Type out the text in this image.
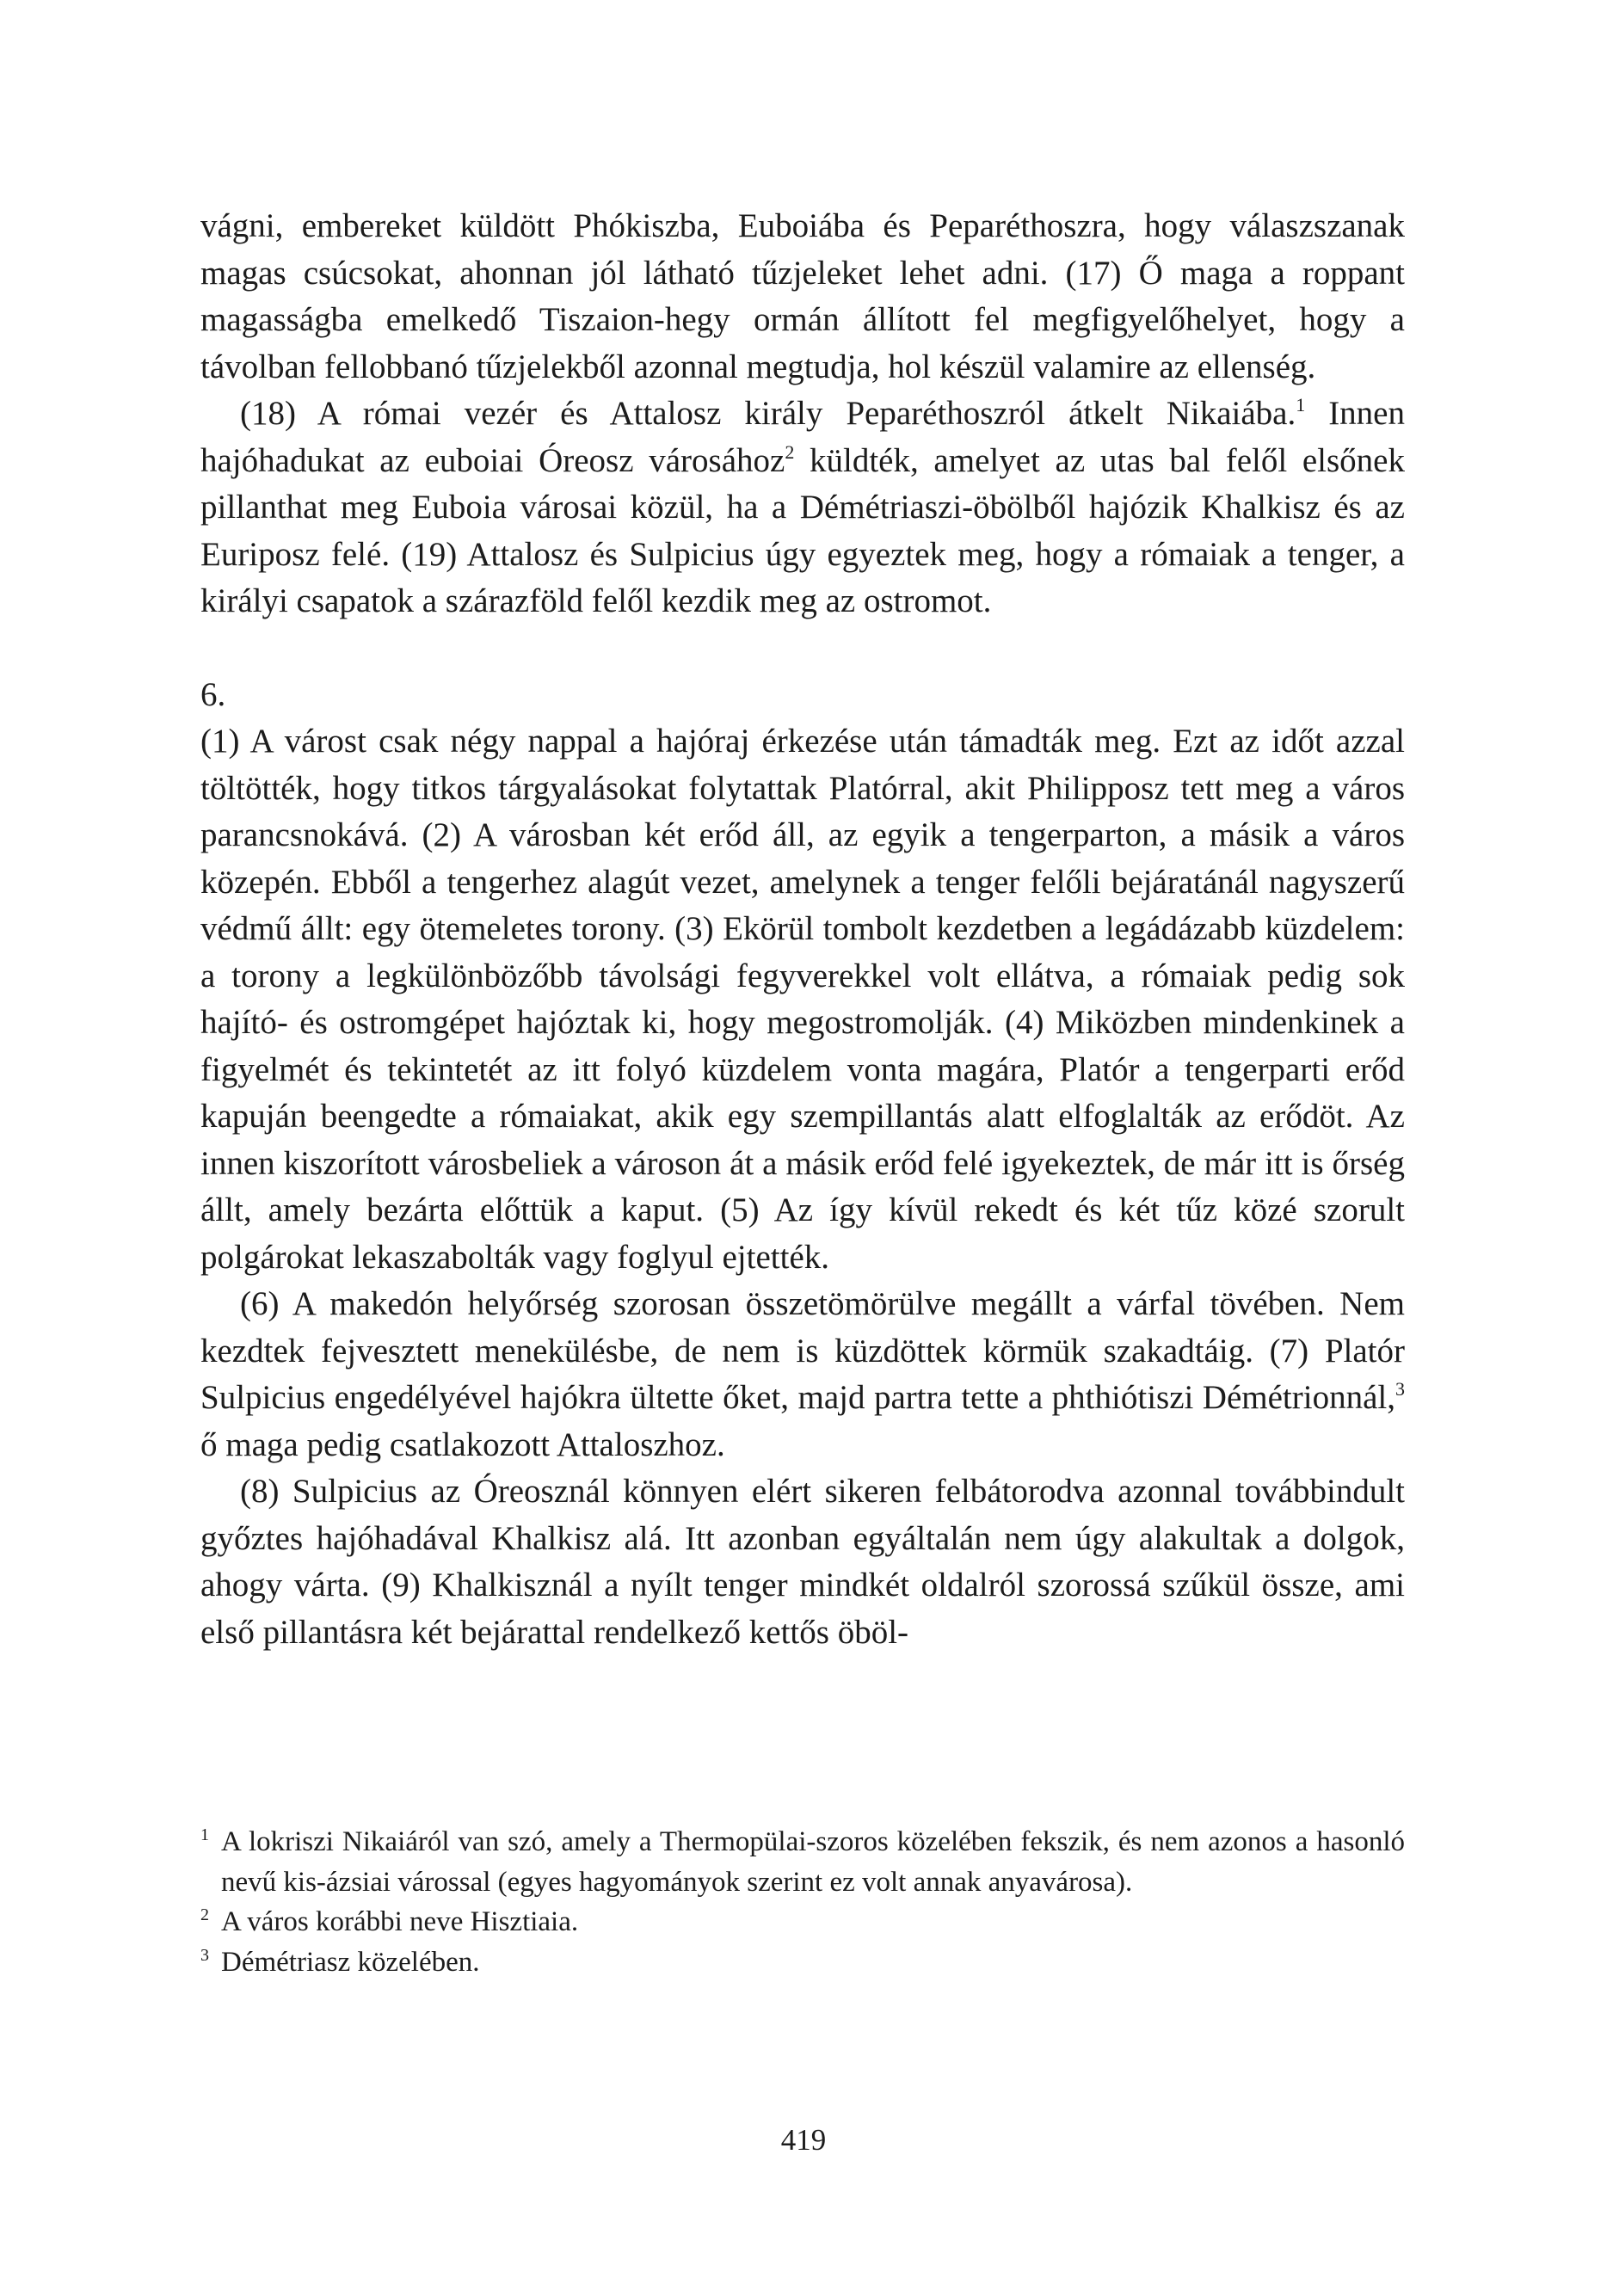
vágni, embereket küldött Phókiszba, Euboiába és Peparéthoszra, hogy válaszszanak magas csúcsokat, ahonnan jól látható tűzjeleket lehet adni. (17) Ő maga a roppant magasságba emelkedő Tiszaion-hegy ormán állított fel megfigyelőhelyet, hogy a távolban fellobbanó tűzjelekből azonnal megtudja, hol készül valamire az ellenség.

(18) A római vezér és Attalosz király Peparéthoszról átkelt Nikaiába.$^1$ Innen hajóhadukat az euboiai Óreosz városához$^2$ küldték, amelyet az utas bal felől elsőnek pillanthat meg Euboia városai közül, ha a Démétriaszi-öbölből hajózik Khalkisz és az Euriposz felé. (19) Attalosz és Sulpicius úgy egyeztek meg, hogy a rómaiak a tenger, a királyi csapatok a szárazföld felől kezdik meg az ostromot.

6.

(1) A várost csak négy nappal a hajóraj érkezése után támadták meg. Ezt az időt azzal töltötték, hogy titkos tárgyalásokat folytattak Platórral, akit Philipposz tett meg a város parancsnokává. (2) A városban két erőd áll, az egyik a tengerparton, a másik a város közepén. Ebből a tengerhez alagút vezet, amelynek a tenger felőli bejáratánál nagyszerű védmű állt: egy ötemeletes torony. (3) Ekörül tombolt kezdetben a legádázabb küzdelem: a torony a legkülönbözőbb távolsági fegyverekkel volt ellátva, a rómaiak pedig sok hajító- és ostromgépet hajóztak ki, hogy megostromolják. (4) Miközben mindenkinek a figyelmét és tekintetét az itt folyó küzdelem vonta magára, Platór a tengerparti erőd kapuján beengedte a rómaiakat, akik egy szempillantás alatt elfoglalták az erődöt. Az innen kiszorított városbeliek a városon át a másik erőd felé igyekeztek, de már itt is őrség állt, amely bezárta előttük a kaput. (5) Az így kívül rekedt és két tűz közé szorult polgárokat lekaszabolták vagy foglyul ejtették.

(6) A makedón helyőrség szorosan összetömörülve megállt a várfal tövében. Nem kezdtek fejvesztett menekülésbe, de nem is küzdöttek körmük szakadtáig. (7) Platór Sulpicius engedélyével hajókra ültette őket, majd partra tette a phthiótiszi Démétrionnál,$^3$ ő maga pedig csatlakozott Attaloszhoz.

(8) Sulpicius az Óreosznál könnyen elért sikeren felbátorodva azonnal továbbindult győztes hajóhadával Khalkisz alá. Itt azonban egyáltalán nem úgy alakultak a dolgok, ahogy várta. (9) Khalkisznál a nyílt tenger mindkét oldalról szorossá szűkül össze, ami első pillantásra két bejárattal rendelkező kettős öböl-

1 A lokriszi Nikaiáról van szó, amely a Thermopülai-szoros közelében fekszik, és nem azonos a hasonló nevű kis-ázsiai várossal (egyes hagyományok szerint ez volt annak anyavárosa).

2 A város korábbi neve Hisztiaia.

3 Démétriasz közelében.

419
